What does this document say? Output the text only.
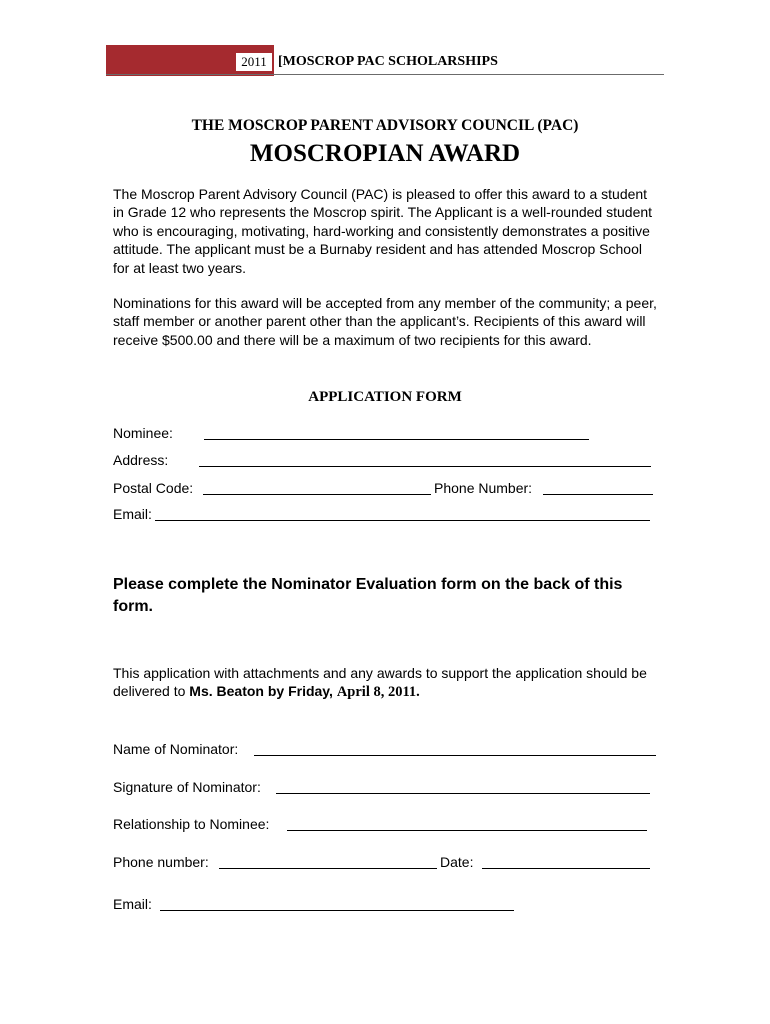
2011 [MOSCROP PAC SCHOLARSHIPS
THE MOSCROP PARENT ADVISORY COUNCIL (PAC)
MOSCROPIAN AWARD

The Moscrop Parent Advisory Council (PAC) is pleased to offer this award to a student in Grade 12 who represents the Moscrop spirit. The Applicant is a well-rounded student who is encouraging, motivating, hard-working and consistently demonstrates a positive attitude. The applicant must be a Burnaby resident and has attended Moscrop School for at least two years.

Nominations for this award will be accepted from any member of the community; a peer, staff member or another parent other than the applicant’s. Recipients of this award will receive $500.00 and there will be a maximum of two recipients for this award.

APPLICATION FORM
Nominee:
Address:
Postal Code:	Phone Number:
Email:

Please complete the Nominator Evaluation form on the back of this form.

This application with attachments and any awards to support the application should be delivered to Ms. Beaton by Friday, April 8, 2011.

Name of Nominator:
Signature of Nominator:
Relationship to Nominee:
Phone number:	Date:
Email:
